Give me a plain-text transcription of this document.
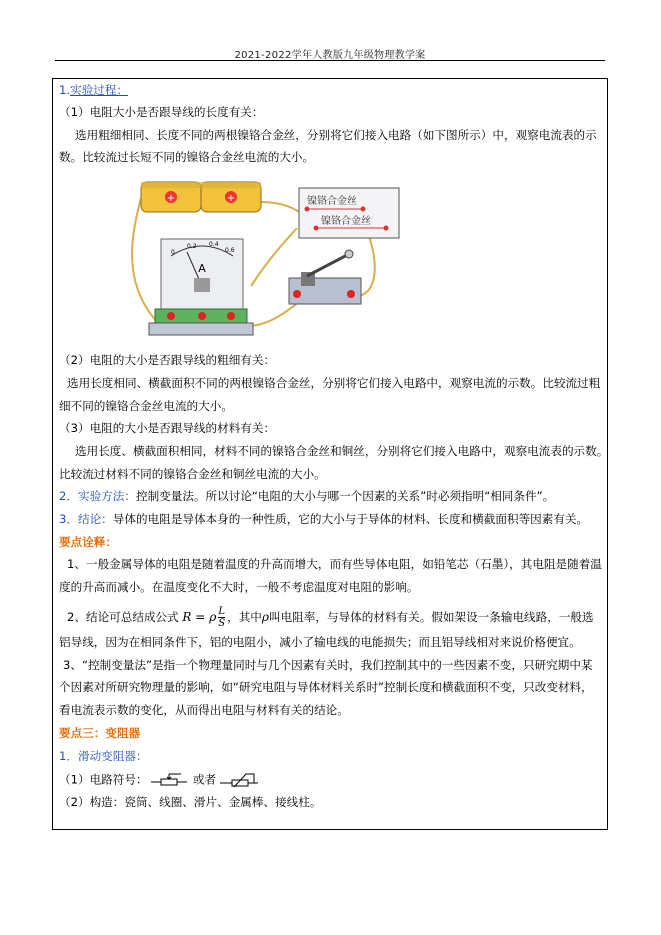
2021-2022学年人教版九年级物理教学案
1.实验过程：
（1）电阻大小是否跟导线的长度有关：
选用粗细相同、长度不同的两根镍铬合金丝，分别将它们接入电路（如下图所示）中，观察电流表的示
数。比较流过长短不同的镍铬合金丝电流的大小。
+	+	镍铬合金丝
镍铬合金丝
0
0.2 0.4
0.6
A
（2）电阻的大小是否跟导线的粗细有关：
选用长度相同、横截面积不同的两根镍铬合金丝，分别将它们接入电路中，观察电流的示数。比较流过粗
细不同的镍铬合金丝电流的大小。
（3）电阻的大小是否跟导线的材料有关：
选用长度、横截面积相同，材料不同的镍铬合金丝和铜丝，分别将它们接入电路中，观察电流表的示数。
比较流过材料不同的镍铬合金丝和铜丝电流的大小。
2．实验方法：控制变量法。所以讨论“电阻的大小与哪一个因素的关系”时必须指明“相同条件”。
3．结论：导体的电阻是导体本身的一种性质，它的大小与于导体的材料、长度和横截面积等因素有关。
要点诠释：
1、一般金属导体的电阻是随着温度的升高而增大，而有些导体电阻，如铅笔芯（石墨），其电阻是随着温
度的升高而减小。在温度变化不大时，一般不考虑温度对电阻的影响。
2、结论可总结成公式 R = ρ $\frac{L}{S}$ ，其中ρ叫电阻率，与导体的材料有关。假如架设一条输电线路，一般选
铝导线，因为在相同条件下，铝的电阻小，减小了输电线的电能损失；而且铝导线相对来说价格便宜。
3、“控制变量法”是指一个物理量同时与几个因素有关时，我们控制其中的一些因素不变，只研究期中某
个因素对所研究物理量的影响，如“研究电阻与导体材料关系时”控制长度和横截面积不变，只改变材料，
看电流表示数的变化，从而得出电阻与材料有关的结论。
要点三：变阻器
1．滑动变阻器：
（1）电路符号：	或者
（2）构造：瓷筒、线圈、滑片、金属棒、接线柱。
